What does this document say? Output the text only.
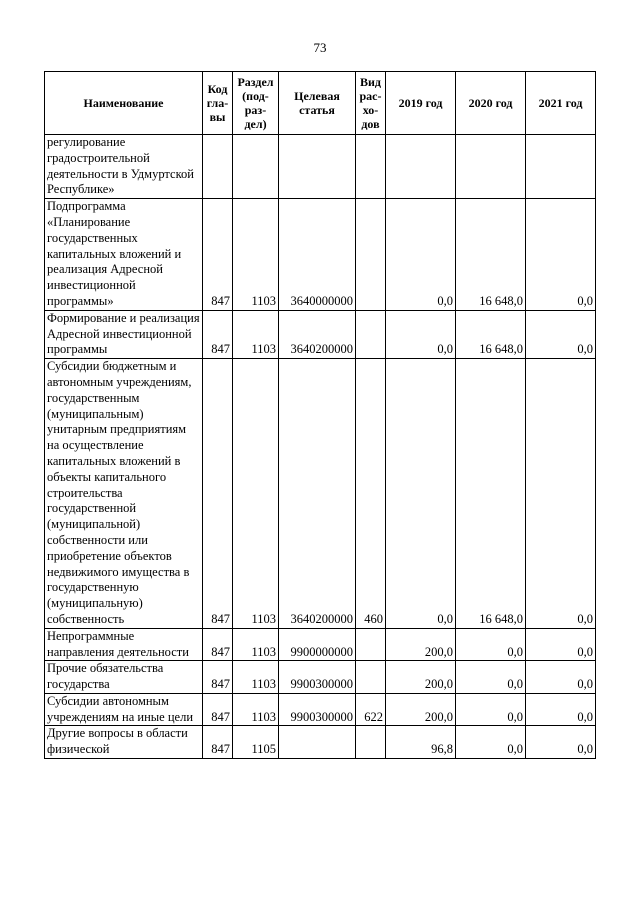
73
Наименование	Код гла-вы	Раздел (под-раз-дел)	Целевая статья	Вид рас-хо-дов	2019 год	2020 год	2021 год
регулирование градостроительной деятельности в Удмуртской Республике»							
Подпрограмма «Планирование государственных капитальных вложений и реализация Адресной инвестиционной программы»	847	1103	3640000000		0,0	16 648,0	0,0
Формирование и реализация Адресной инвестиционной программы	847	1103	3640200000		0,0	16 648,0	0,0
Субсидии бюджетным и автономным учреждениям, государственным (муниципальным) унитарным предприятиям на осуществление капитальных вложений в объекты капитального строительства государственной (муниципальной) собственности или приобретение объектов недвижимого имущества в государственную (муниципальную) собственность	847	1103	3640200000	460	0,0	16 648,0	0,0
Непрограммные направления деятельности	847	1103	9900000000		200,0	0,0	0,0
Прочие обязательства государства	847	1103	9900300000		200,0	0,0	0,0
Субсидии автономным учреждениям на иные цели	847	1103	9900300000	622	200,0	0,0	0,0
Другие вопросы в области физической	847	1105			96,8	0,0	0,0
